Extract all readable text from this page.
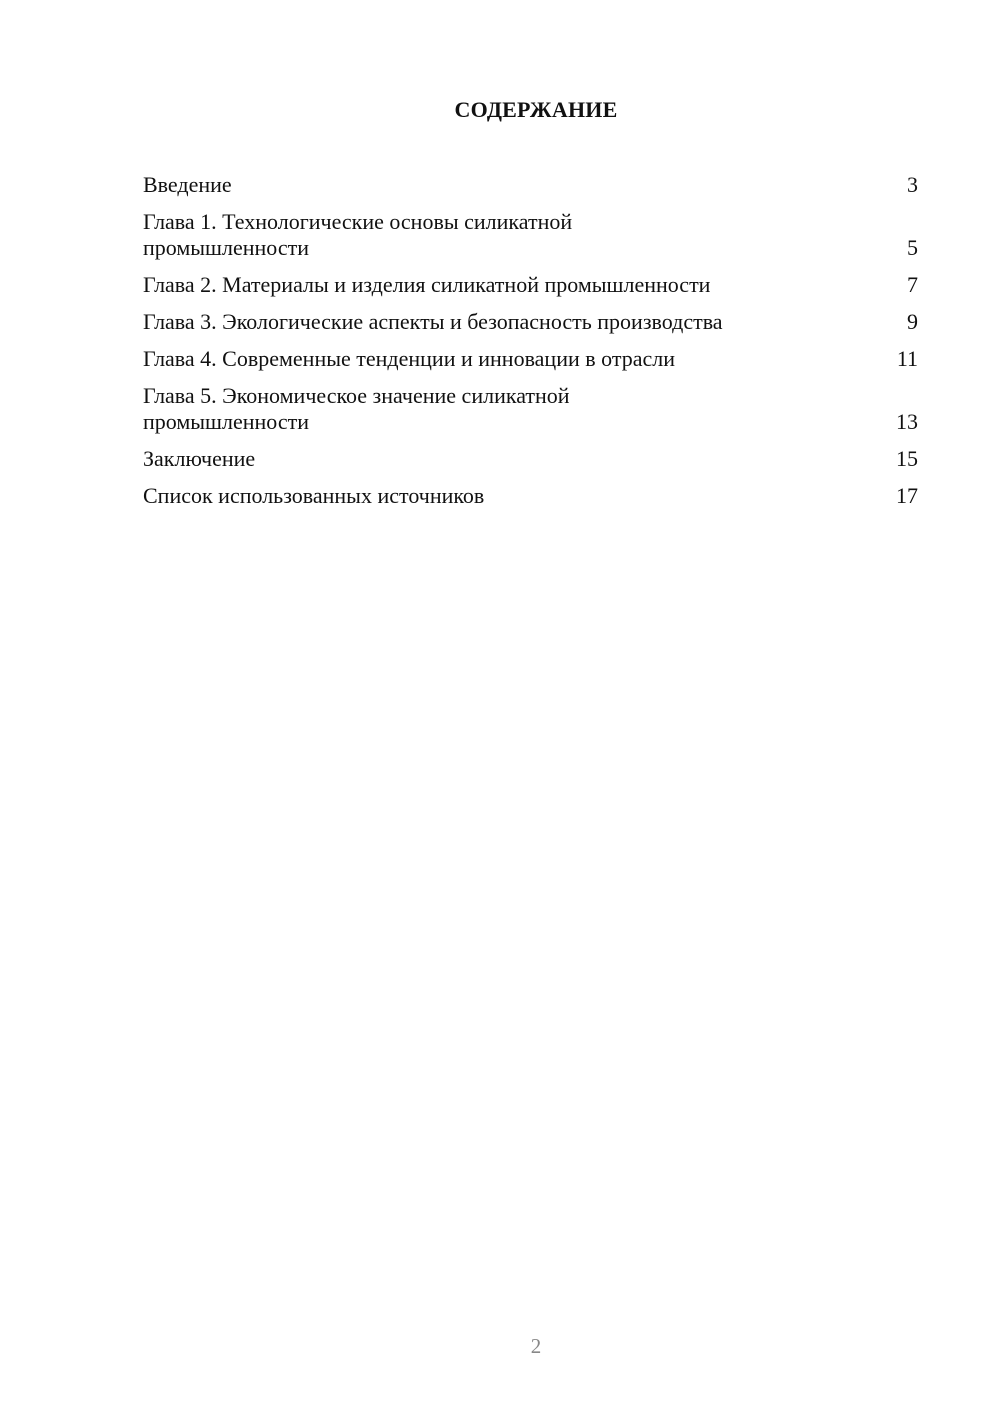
СОДЕРЖАНИЕ
Введение	3
Глава 1. Технологические основы силикатной промышленности	5
Глава 2. Материалы и изделия силикатной промышленности	7
Глава 3. Экологические аспекты и безопасность производства	9
Глава 4. Современные тенденции и инновации в отрасли	11
Глава 5. Экономическое значение силикатной промышленности	13
Заключение	15
Список использованных источников	17
2
